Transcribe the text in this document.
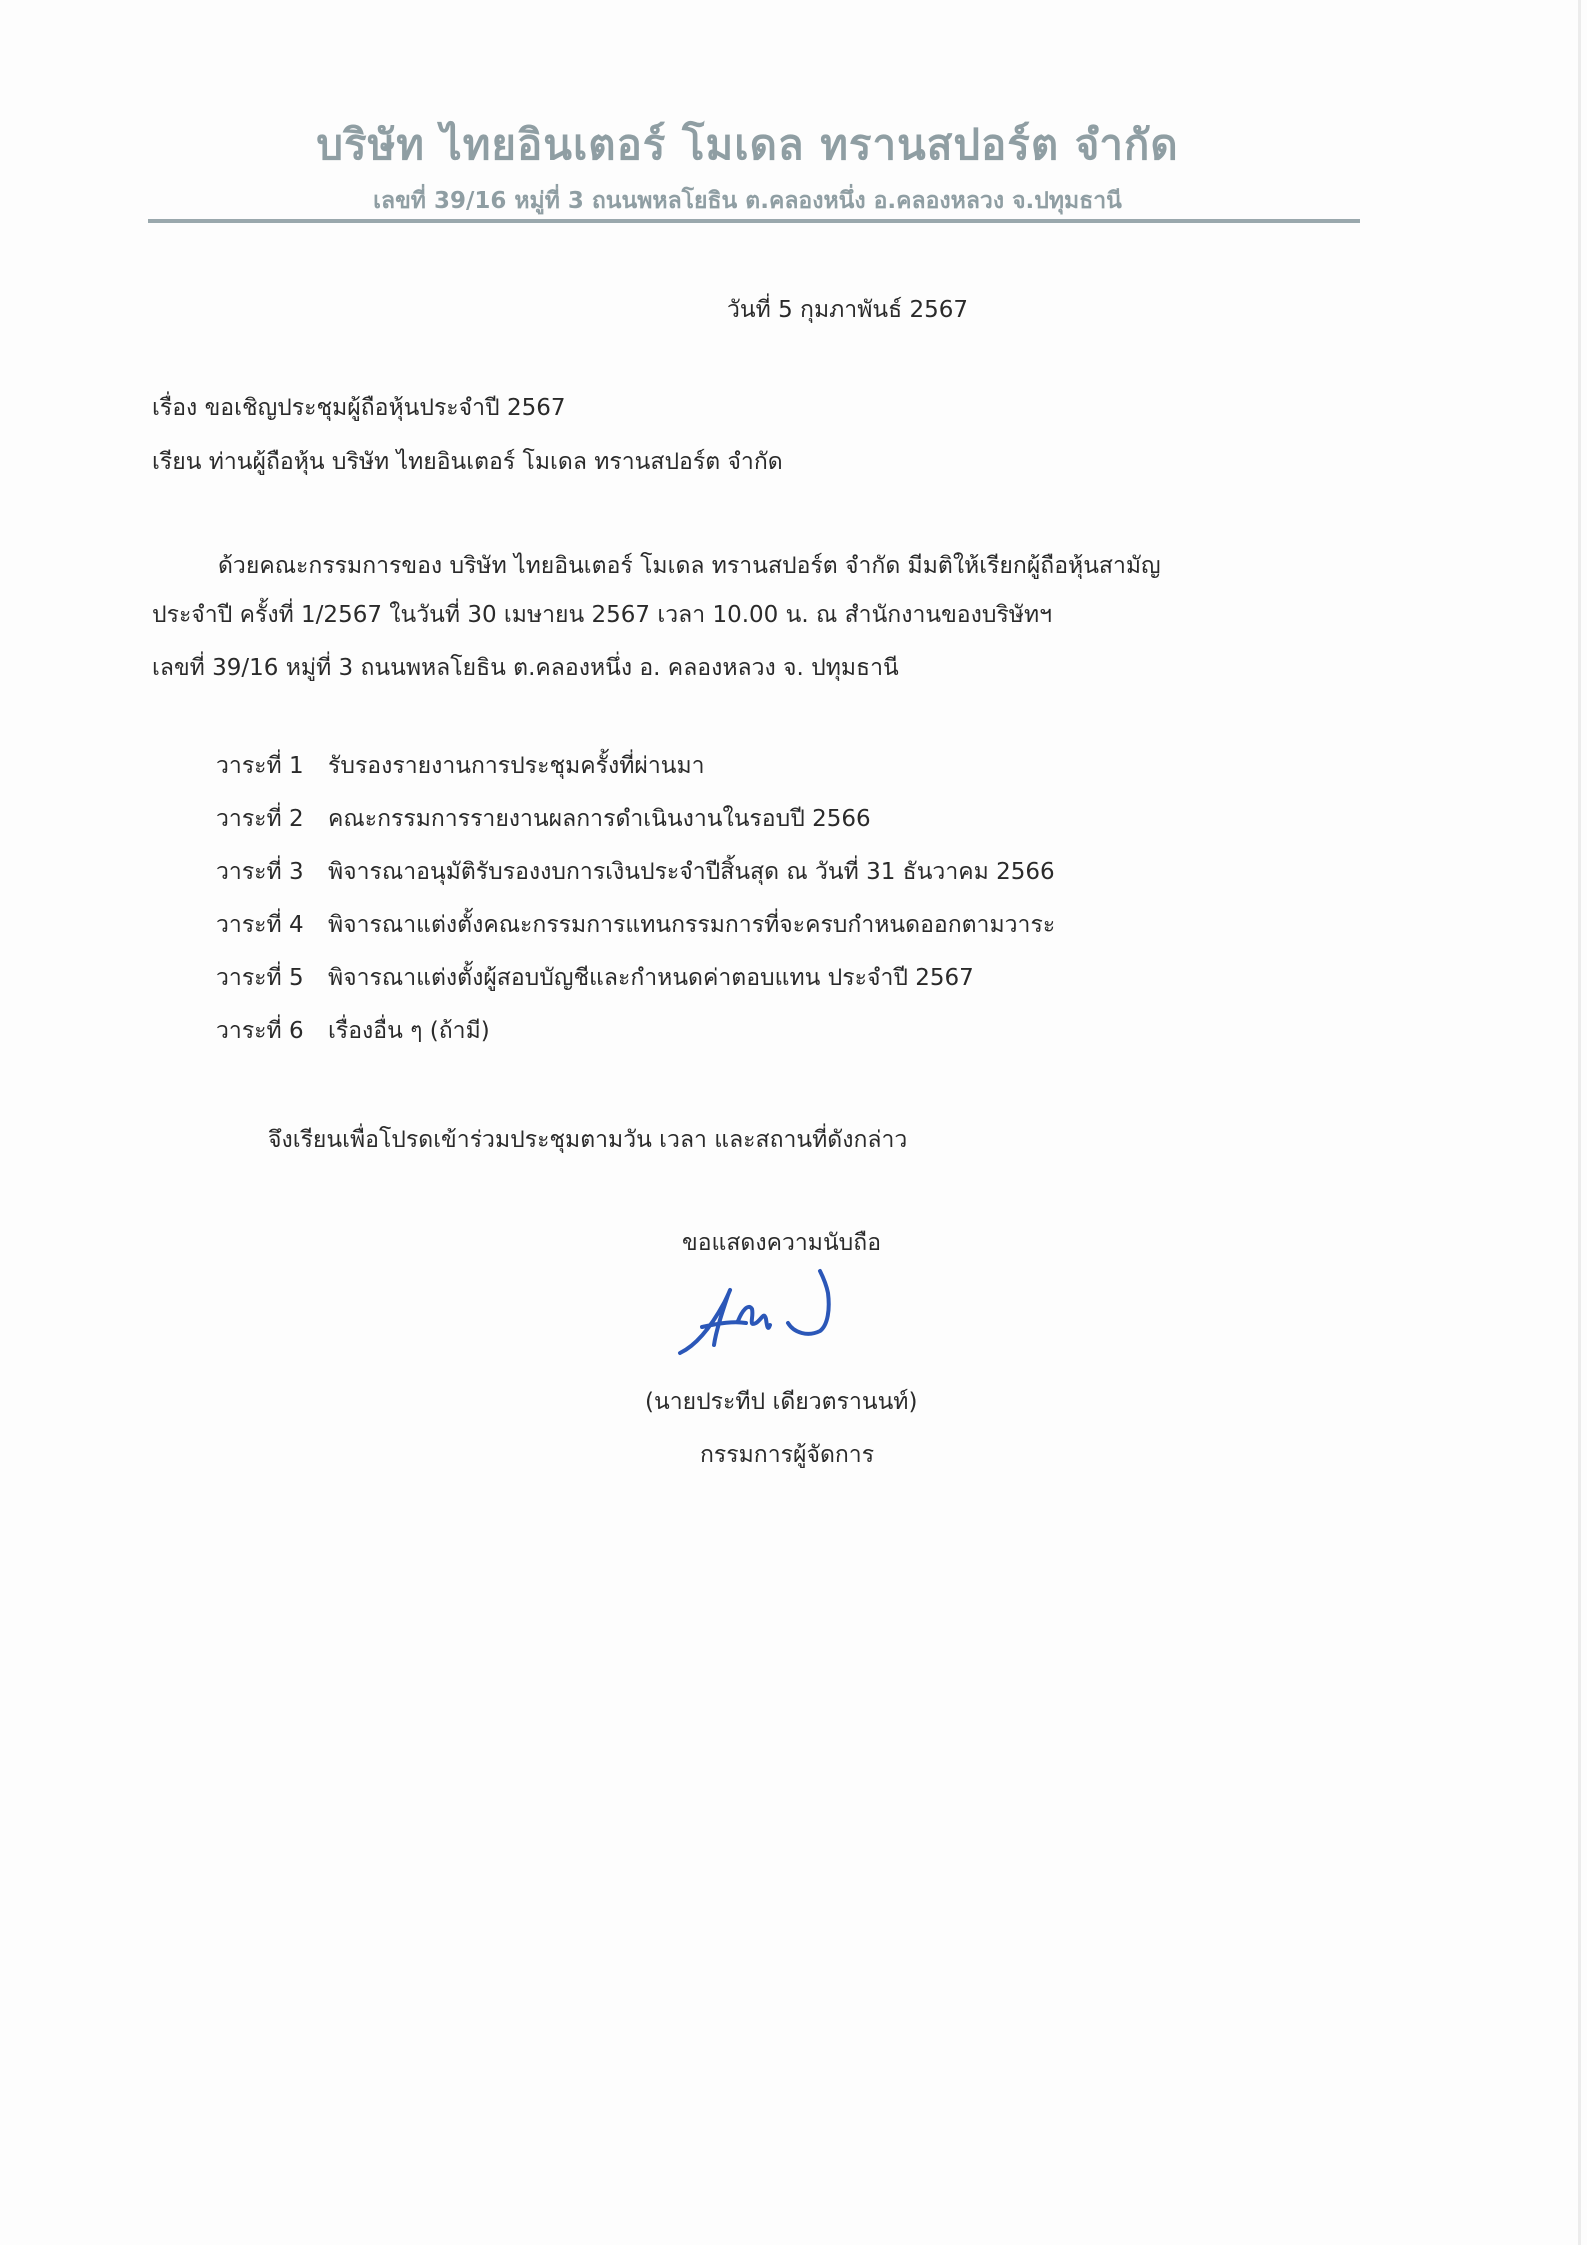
บริษัท ไทยอินเตอร์ โมเดล ทรานสปอร์ต จำกัด
เลขที่ 39/16 หมู่ที่ 3 ถนนพหลโยธิน ต.คลองหนึ่ง อ.คลองหลวง จ.ปทุมธานี
วันที่ 5 กุมภาพันธ์ 2567
เรื่อง ขอเชิญประชุมผู้ถือหุ้นประจำปี 2567
เรียน ท่านผู้ถือหุ้น บริษัท ไทยอินเตอร์ โมเดล ทรานสปอร์ต จำกัด
ด้วยคณะกรรมการของ บริษัท ไทยอินเตอร์ โมเดล ทรานสปอร์ต จำกัด มีมติให้เรียกผู้ถือหุ้นสามัญ
ประจำปี ครั้งที่ 1/2567 ในวันที่ 30 เมษายน 2567 เวลา 10.00 น. ณ สำนักงานของบริษัทฯ
เลขที่ 39/16 หมู่ที่ 3 ถนนพหลโยธิน ต.คลองหนึ่ง อ. คลองหลวง จ. ปทุมธานี
วาระที่ 1 รับรองรายงานการประชุมครั้งที่ผ่านมา
วาระที่ 2 คณะกรรมการรายงานผลการดำเนินงานในรอบปี 2566
วาระที่ 3 พิจารณาอนุมัติรับรองงบการเงินประจำปีสิ้นสุด ณ วันที่ 31 ธันวาคม 2566
วาระที่ 4 พิจารณาแต่งตั้งคณะกรรมการแทนกรรมการที่จะครบกำหนดออกตามวาระ
วาระที่ 5 พิจารณาแต่งตั้งผู้สอบบัญชีและกำหนดค่าตอบแทน ประจำปี 2567
วาระที่ 6 เรื่องอื่น ๆ (ถ้ามี)
จึงเรียนเพื่อโปรดเข้าร่วมประชุมตามวัน เวลา และสถานที่ดังกล่าว
ขอแสดงความนับถือ
(นายประทีป เดียวตรานนท์)
กรรมการผู้จัดการ
